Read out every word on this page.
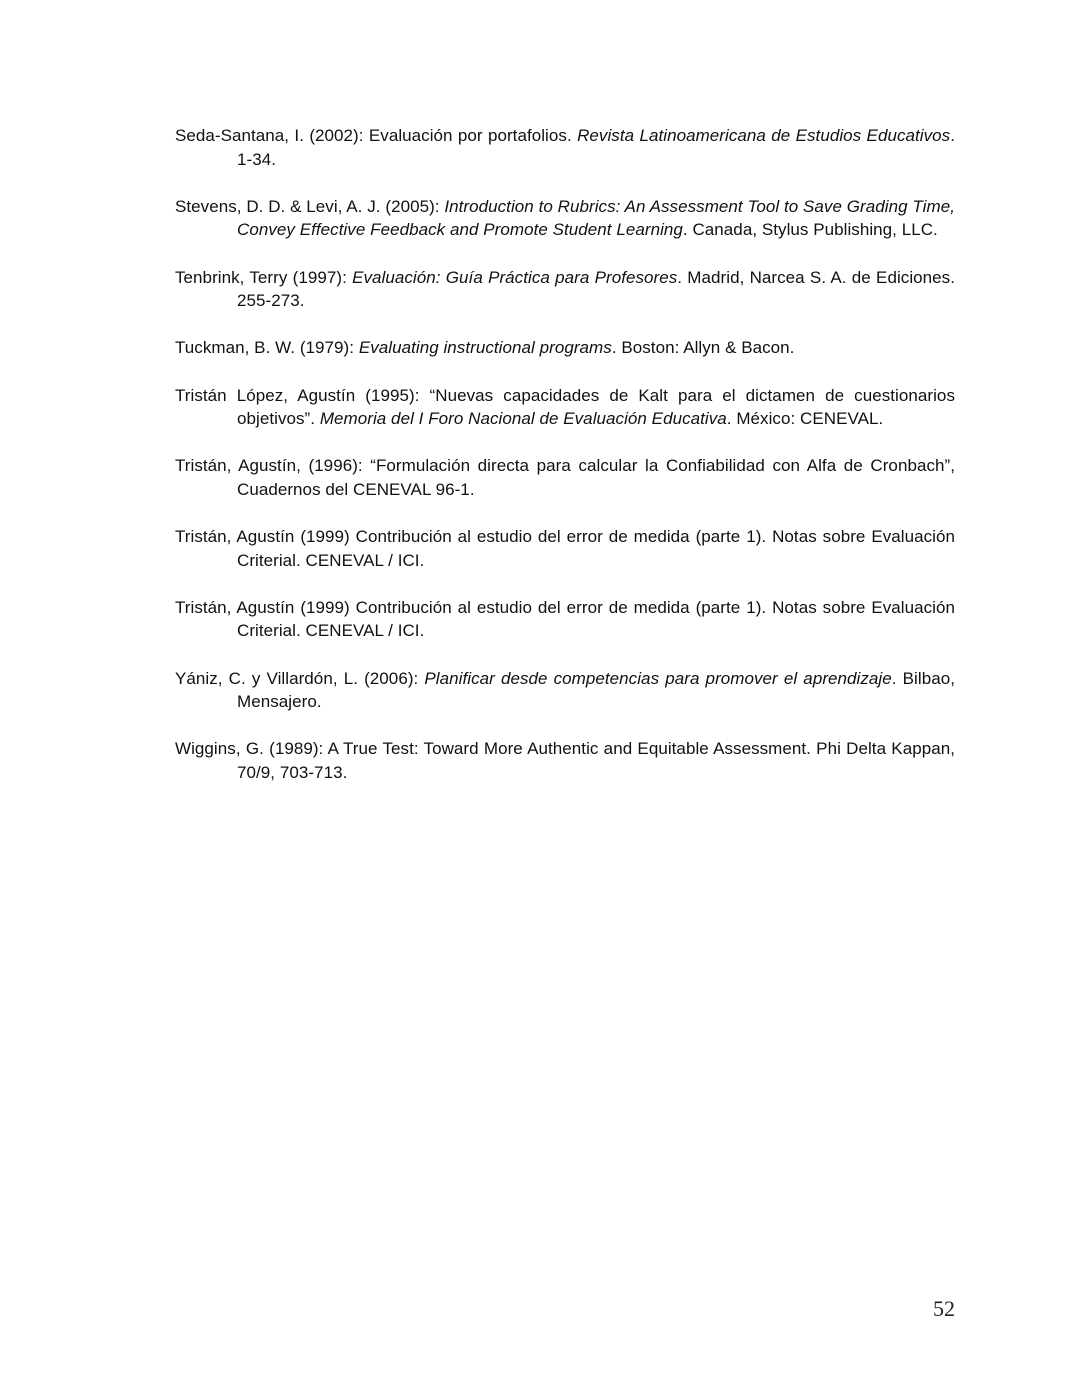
Seda-Santana, I. (2002): Evaluación por portafolios. Revista Latinoamericana de Estudios Educativos. 1-34.

Stevens, D. D. & Levi, A. J. (2005): Introduction to Rubrics: An Assessment Tool to Save Grading Time, Convey Effective Feedback and Promote Student Learning. Canada, Stylus Publishing, LLC.

Tenbrink, Terry (1997): Evaluación: Guía Práctica para Profesores. Madrid, Narcea S. A. de Ediciones. 255-273.

Tuckman, B. W. (1979): Evaluating instructional programs. Boston: Allyn & Bacon.

Tristán López, Agustín (1995): “Nuevas capacidades de Kalt para el dictamen de cuestionarios objetivos”. Memoria del I Foro Nacional de Evaluación Educativa. México: CENEVAL.

Tristán, Agustín, (1996): “Formulación directa para calcular la Confiabilidad con Alfa de Cronbach”, Cuadernos del CENEVAL 96-1.

Tristán, Agustín (1999) Contribución al estudio del error de medida (parte 1). Notas sobre Evaluación Criterial. CENEVAL / ICI.

Tristán, Agustín (1999) Contribución al estudio del error de medida (parte 1). Notas sobre Evaluación Criterial. CENEVAL / ICI.

Yániz, C. y Villardón, L. (2006): Planificar desde competencias para promover el aprendizaje. Bilbao, Mensajero.

Wiggins, G. (1989): A True Test: Toward More Authentic and Equitable Assessment. Phi Delta Kappan, 70/9, 703-713.

52
